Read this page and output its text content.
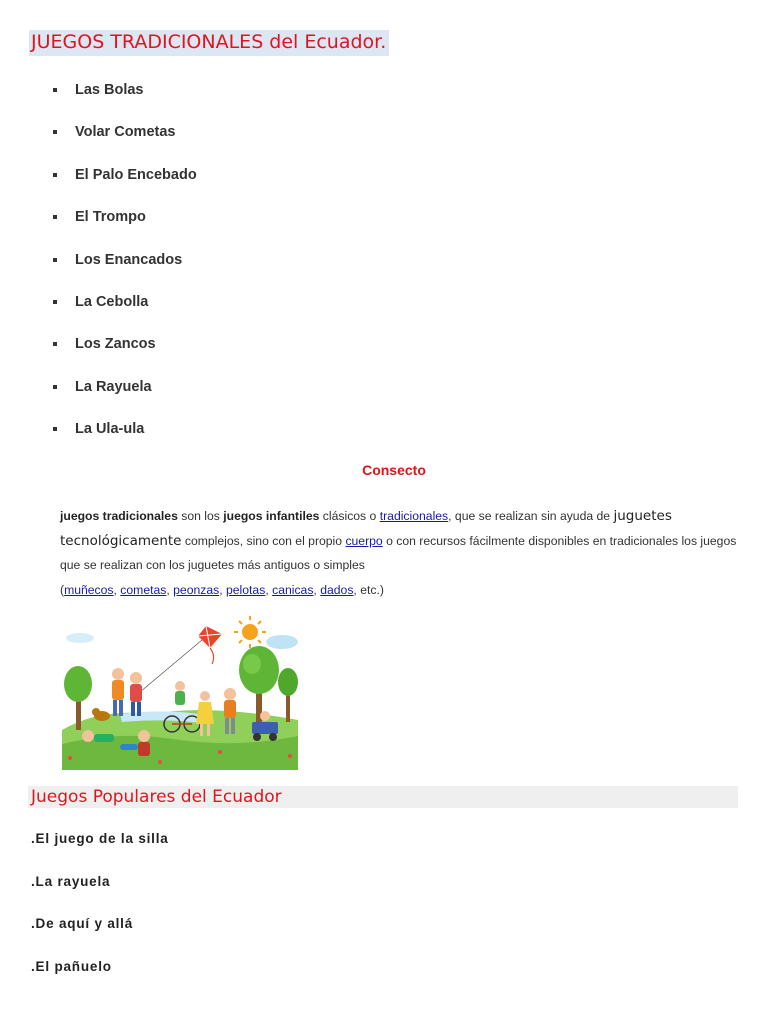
JUEGOS TRADICIONALES del Ecuador.
Las Bolas
Volar Cometas
El Palo Encebado
El Trompo
Los Enancados
La Cebolla
Los Zancos
La Rayuela
La Ula-ula
Consecto
juegos tradicionales son los juegos infantiles clásicos o tradicionales, que se realizan sin ayuda de juguetes tecnológicamente complejos, sino con el propio cuerpo o con recursos fácilmente disponibles en tradicionales los juegos que se realizan con los juguetes más antiguos o simples
(muñecos, cometas, peonzas, pelotas, canicas, dados, etc.)
Juegos Populares del Ecuador
.El juego de la silla
.La rayuela
.De aquí y allá
.El pañuelo
